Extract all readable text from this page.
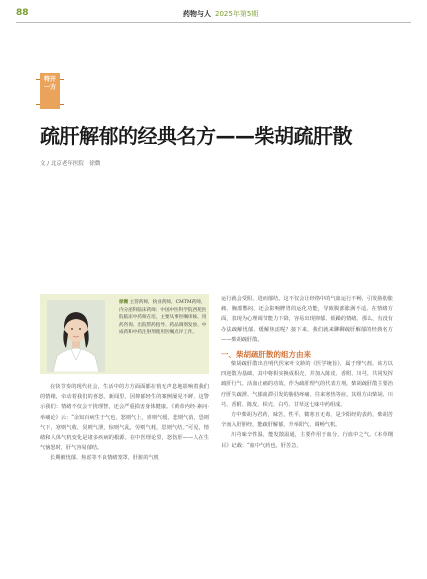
88	药物与人 2025年第5期
特开一方
疏肝解郁的经典名方——柴胡疏肝散
文 / 北京老年医院　徐微
徐微 主管药师，执业药师，CMTM药师，内分泌科临床药师；中国中医科学院西苑医院临床中药师在培，主要从事医嘱审核、用药咨询、出院带药指导、药品调剂发放、中成药和中药注射剂使用医嘱点评工作。

在快节奏的现代社会，生活中的方方面面都在悄无声息地影响着我们的情绪，牵动着我们的喜怒。新闻里，因抑郁轻生的案例屡见不鲜，这警示我们：情绪不仅会干扰理智，还会严重损害身体健康。《黄帝内经·素问·举痛论》云：“余知百病生于气也，怒则气上，喜则气缓，悲则气消，恐则气下，寒则气收，炅则气泄，惊则气乱，劳则气耗，思则气结。”可见，情绪和人体气机变化是诸多疾病的根源。在中医理论里，怒伤肝——人在生气恼怒时，肝气容易郁结。

长期被忧郁、焦虑等不良情绪笼罩，肝脏的气机

运行就会受阻，进而郁结。这不仅会让经络中的气血运行不畅，引发胁肋胀痛、胸部憋闷，还会影响脾胃的运化功能，导致腹部胀满不适。在情绪方面，表现为心理调节能力下降，容易出现抑郁、烦躁的情绪。那么，有没有办法疏解忧郁、缓解焦虑呢？接下来，我们就来聊聊疏肝解郁的经典名方——柴胡疏肝散。

一、柴胡疏肝散的组方由来

柴胡疏肝散出自明代医家叶文龄的《医学统旨》，属于理气剂。该方以四逆散为基础，其中将枳实换成枳壳，并加入陈皮、香附、川芎，共同发挥疏肝行气、活血止痛的功效。作为疏肝理气的代表方剂，柴胡疏肝散主要治疗肝失疏泄、气郁血滞引发的胁肋疼痛、往来寒热等症。其组方由柴胡、川芎、香附、陈皮、枳壳、白芍、甘草这七味中药组成。

方中柴胡为君药，味苦，性平，微寒且无毒，是少阳经的表药，柴胡苦辛而入肝胆经，能疏肝解郁，升举阳气，调畅气机。

川芎味辛性温，能发散温通，主要作用于血分，行血中之气。《本草纲目》记载：“血中气药也。肝苦急，
